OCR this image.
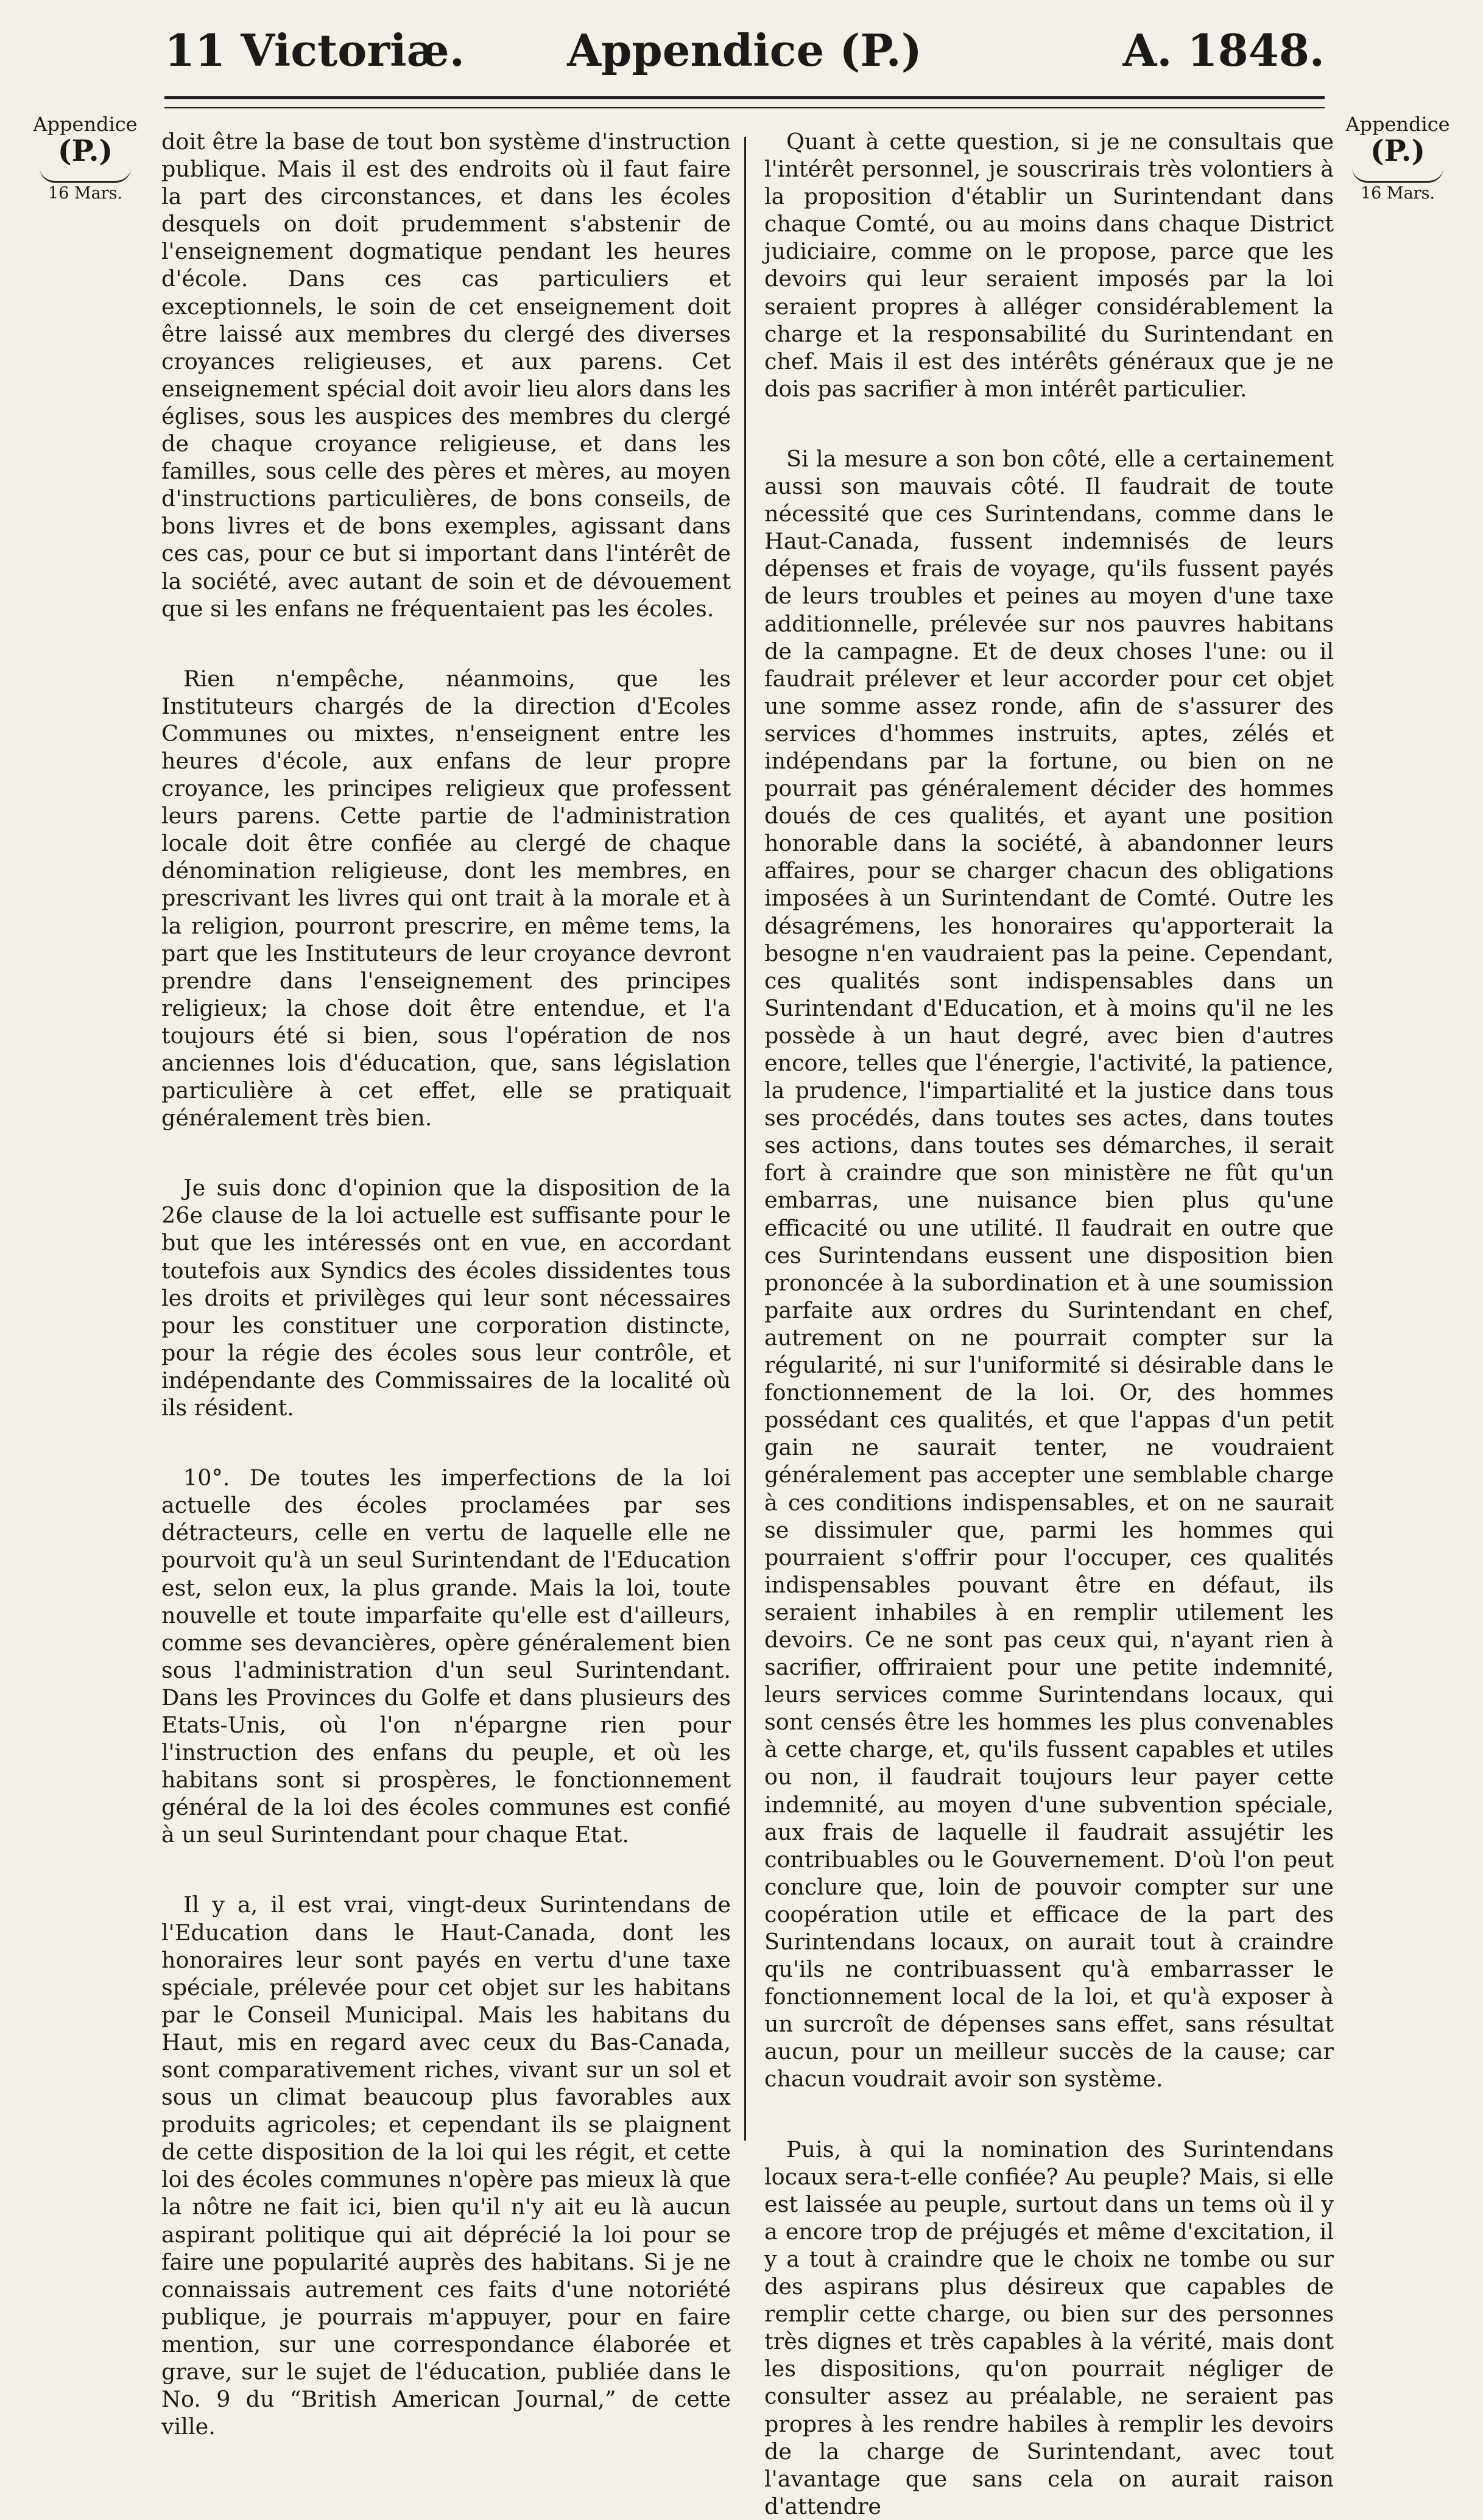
11 Victoriæ. Appendice (P.)	A. 1848.
Appendice
(P.)
16 Mars.
Appendice
(P.)
16 Mars.

doit être la base de tout bon système d'instruction publique. Mais il est des endroits où il faut faire la part des circonstances, et dans les écoles desquels on doit prudemment s'abstenir de l'enseignement dogmatique pendant les heures d'école. Dans ces cas particuliers et exceptionnels, le soin de cet enseignement doit être laissé aux membres du clergé des diverses croyances religieuses, et aux parens. Cet enseignement spécial doit avoir lieu alors dans les églises, sous les auspices des membres du clergé de chaque croyance religieuse, et dans les familles, sous celle des pères et mères, au moyen d'instructions particulières, de bons conseils, de bons livres et de bons exemples, agissant dans ces cas, pour ce but si important dans l'intérêt de la société, avec autant de soin et de dévouement que si les enfans ne fréquentaient pas les écoles.

Rien n'empêche, néanmoins, que les Instituteurs chargés de la direction d'Ecoles Communes ou mixtes, n'enseignent entre les heures d'école, aux enfans de leur propre croyance, les principes religieux que professent leurs parens. Cette partie de l'administration locale doit être confiée au clergé de chaque dénomination religieuse, dont les membres, en prescrivant les livres qui ont trait à la morale et à la religion, pourront prescrire, en même tems, la part que les Instituteurs de leur croyance devront prendre dans l'enseignement des principes religieux; la chose doit être entendue, et l'a toujours été si bien, sous l'opération de nos anciennes lois d'éducation, que, sans législation particulière à cet effet, elle se pratiquait généralement très bien.

Je suis donc d'opinion que la disposition de la 26e clause de la loi actuelle est suffisante pour le but que les intéressés ont en vue, en accordant toutefois aux Syndics des écoles dissidentes tous les droits et privilèges qui leur sont nécessaires pour les constituer une corporation distincte, pour la régie des écoles sous leur contrôle, et indépendante des Commissaires de la localité où ils résident.

10°. De toutes les imperfections de la loi actuelle des écoles proclamées par ses détracteurs, celle en vertu de laquelle elle ne pourvoit qu'à un seul Surintendant de l'Education est, selon eux, la plus grande. Mais la loi, toute nouvelle et toute imparfaite qu'elle est d'ailleurs, comme ses devancières, opère généralement bien sous l'administration d'un seul Surintendant. Dans les Provinces du Golfe et dans plusieurs des Etats-Unis, où l'on n'épargne rien pour l'instruction des enfans du peuple, et où les habitans sont si prospères, le fonctionnement général de la loi des écoles communes est confié à un seul Surintendant pour chaque Etat.

Il y a, il est vrai, vingt-deux Surintendans de l'Education dans le Haut-Canada, dont les honoraires leur sont payés en vertu d'une taxe spéciale, prélevée pour cet objet sur les habitans par le Conseil Municipal. Mais les habitans du Haut, mis en regard avec ceux du Bas-Canada, sont comparativement riches, vivant sur un sol et sous un climat beaucoup plus favorables aux produits agricoles; et cependant ils se plaignent de cette disposition de la loi qui les régit, et cette loi des écoles communes n'opère pas mieux là que la nôtre ne fait ici, bien qu'il n'y ait eu là aucun aspirant politique qui ait déprécié la loi pour se faire une popularité auprès des habitans. Si je ne connaissais autrement ces faits d'une notoriété publique, je pourrais m'appuyer, pour en faire mention, sur une correspondance élaborée et grave, sur le sujet de l'éducation, publiée dans le No. 9 du “British American Journal,” de cette ville.

Quant à cette question, si je ne consultais que l'intérêt personnel, je souscrirais très volontiers à la proposition d'établir un Surintendant dans chaque Comté, ou au moins dans chaque District judiciaire, comme on le propose, parce que les devoirs qui leur seraient imposés par la loi seraient propres à alléger considérablement la charge et la responsabilité du Surintendant en chef. Mais il est des intérêts généraux que je ne dois pas sacrifier à mon intérêt particulier.

Si la mesure a son bon côté, elle a certainement aussi son mauvais côté. Il faudrait de toute nécessité que ces Surintendans, comme dans le Haut-Canada, fussent indemnisés de leurs dépenses et frais de voyage, qu'ils fussent payés de leurs troubles et peines au moyen d'une taxe additionnelle, prélevée sur nos pauvres habitans de la campagne. Et de deux choses l'une: ou il faudrait prélever et leur accorder pour cet objet une somme assez ronde, afin de s'assurer des services d'hommes instruits, aptes, zélés et indépendans par la fortune, ou bien on ne pourrait pas généralement décider des hommes doués de ces qualités, et ayant une position honorable dans la société, à abandonner leurs affaires, pour se charger chacun des obligations imposées à un Surintendant de Comté. Outre les désagrémens, les honoraires qu'apporterait la besogne n'en vaudraient pas la peine. Cependant, ces qualités sont indispensables dans un Surintendant d'Education, et à moins qu'il ne les possède à un haut degré, avec bien d'autres encore, telles que l'énergie, l'activité, la patience, la prudence, l'impartialité et la justice dans tous ses procédés, dans toutes ses actes, dans toutes ses actions, dans toutes ses démarches, il serait fort à craindre que son ministère ne fût qu'un embarras, une nuisance bien plus qu'une efficacité ou une utilité. Il faudrait en outre que ces Surintendans eussent une disposition bien prononcée à la subordination et à une soumission parfaite aux ordres du Surintendant en chef, autrement on ne pourrait compter sur la régularité, ni sur l'uniformité si désirable dans le fonctionnement de la loi. Or, des hommes possédant ces qualités, et que l'appas d'un petit gain ne saurait tenter, ne voudraient généralement pas accepter une semblable charge à ces conditions indispensables, et on ne saurait se dissimuler que, parmi les hommes qui pourraient s'offrir pour l'occuper, ces qualités indispensables pouvant être en défaut, ils seraient inhabiles à en remplir utilement les devoirs. Ce ne sont pas ceux qui, n'ayant rien à sacrifier, offriraient pour une petite indemnité, leurs services comme Surintendans locaux, qui sont censés être les hommes les plus convenables à cette charge, et, qu'ils fussent capables et utiles ou non, il faudrait toujours leur payer cette indemnité, au moyen d'une subvention spéciale, aux frais de laquelle il faudrait assujétir les contribuables ou le Gouvernement. D'où l'on peut conclure que, loin de pouvoir compter sur une coopération utile et efficace de la part des Surintendans locaux, on aurait tout à craindre qu'ils ne contribuassent qu'à embarrasser le fonctionnement local de la loi, et qu'à exposer à un surcroît de dépenses sans effet, sans résultat aucun, pour un meilleur succès de la cause; car chacun voudrait avoir son système.

Puis, à qui la nomination des Surintendans locaux sera-t-elle confiée? Au peuple? Mais, si elle est laissée au peuple, surtout dans un tems où il y a encore trop de préjugés et même d'excitation, il y a tout à craindre que le choix ne tombe ou sur des aspirans plus désireux que capables de remplir cette charge, ou bien sur des personnes très dignes et très capables à la vérité, mais dont les dispositions, qu'on pourrait négliger de consulter assez au préalable, ne seraient pas propres à les rendre habiles à remplir les devoirs de la charge de Surintendant, avec tout l'avantage que sans cela on aurait raison d'attendre
